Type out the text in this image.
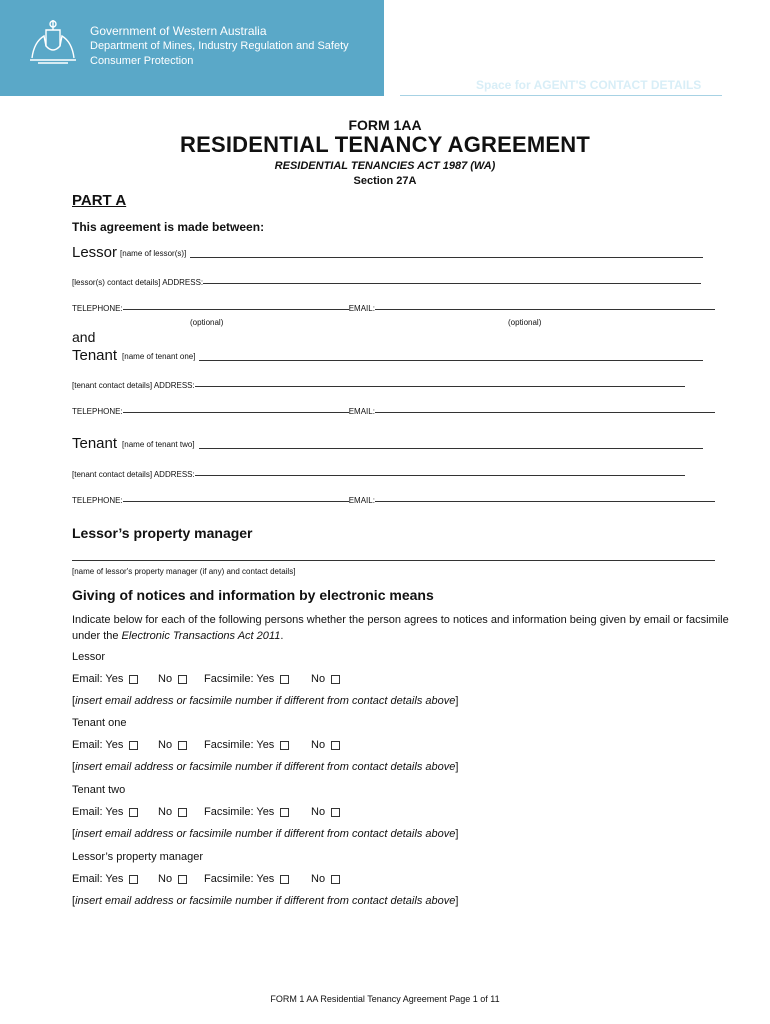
Government of Western Australia
Department of Mines, Industry Regulation and Safety
Consumer Protection
Space for AGENT'S CONTACT DETAILS
FORM 1AA
RESIDENTIAL TENANCY AGREEMENT
RESIDENTIAL TENANCIES ACT 1987 (WA)
Section 27A
PART A
This agreement is made between:
Lessor [name of lessor(s)]
[lessor(s) contact details] ADDRESS:
TELEPHONE:	EMAIL:
(optional)	(optional)
and
Tenant [name of tenant one]
[tenant contact details] ADDRESS:
TELEPHONE:	EMAIL:
Tenant [name of tenant two]
[tenant contact details] ADDRESS:
TELEPHONE:	EMAIL:
Lessor’s property manager
[name of lessor's property manager (if any) and contact details]
Giving of notices and information by electronic means
Indicate below for each of the following persons whether the person agrees to notices and information being given by email or facsimile under the Electronic Transactions Act 2011.
Lessor
Email: Yes	No	Facsimile: Yes	No
[insert email address or facsimile number if different from contact details above]
Tenant one
Email: Yes	No	Facsimile: Yes	No
[insert email address or facsimile number if different from contact details above]
Tenant two
Email: Yes	No	Facsimile: Yes	No
[insert email address or facsimile number if different from contact details above]
Lessor’s property manager
Email: Yes	No	Facsimile: Yes	No
[insert email address or facsimile number if different from contact details above]
FORM 1 AA Residential Tenancy Agreement Page 1 of 11
